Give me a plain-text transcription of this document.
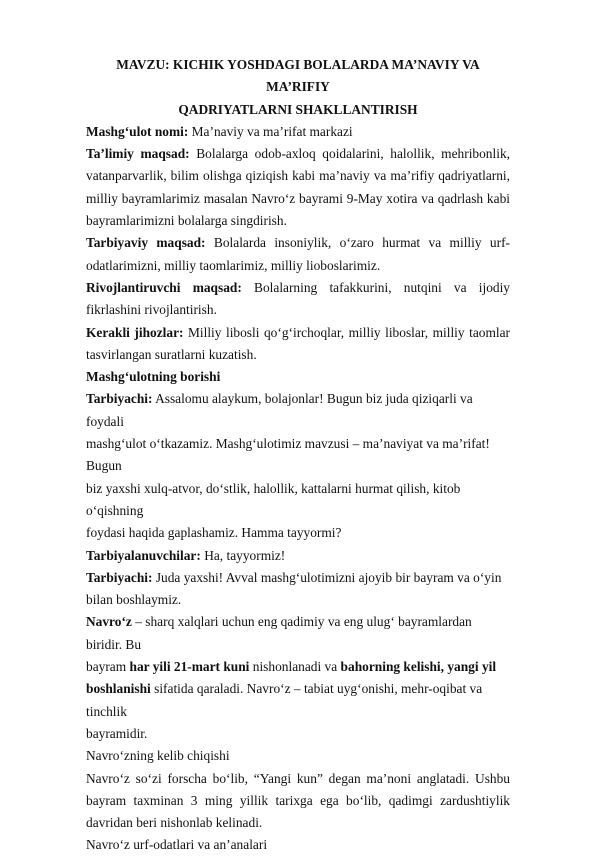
MAVZU: KICHIK YOSHDAGI BOLALARDA MA’NAVIY VA MA’RIFIY
QADRIYATLARNI SHAKLLANTIRISH

Mashg‘ulot nomi: Ma’naviy va ma’rifat markazi

Ta’limiy maqsad: Bolalarga odob-axloq qoidalarini, halollik, mehribonlik, vatanparvarlik, bilim olishga qiziqish kabi ma’naviy va ma’rifiy qadriyatlarni, milliy bayramlarimiz masalan Navro‘z bayrami 9-May xotira va qadrlash kabi bayramlarimizni bolalarga singdirish.

Tarbiyaviy maqsad: Bolalarda insoniylik, o‘zaro hurmat va milliy urf-odatlarimizni, milliy taomlarimiz, milliy lioboslarimiz.

Rivojlantiruvchi maqsad: Bolalarning tafakkurini, nutqini va ijodiy fikrlashini rivojlantirish.

Kerakli jihozlar: Milliy libosli qo‘g‘irchoqlar, milliy liboslar, milliy taomlar tasvirlangan suratlarni kuzatish.

Mashg‘ulotning borishi

Tarbiyachi: Assalomu alaykum, bolajonlar! Bugun biz juda qiziqarli va foydali
mashg‘ulot o‘tkazamiz. Mashg‘ulotimiz mavzusi – ma’naviyat va ma’rifat! Bugun
biz yaxshi xulq-atvor, do‘stlik, halollik, kattalarni hurmat qilish, kitob o‘qishning
foydasi haqida gaplashamiz. Hamma tayyormi?

Tarbiyalanuvchilar: Ha, tayyormiz!

Tarbiyachi: Juda yaxshi! Avval mashg‘ulotimizni ajoyib bir bayram va o‘yin
bilan boshlaymiz.

Navro‘z – sharq xalqlari uchun eng qadimiy va eng ulug‘ bayramlardan biridir. Bu
bayram har yili 21-mart kuni nishonlanadi va bahorning kelishi, yangi yil
boshlanishi sifatida qaraladi. Navro‘z – tabiat uyg‘onishi, mehr-oqibat va tinchlik
bayramidir.

Navro‘zning kelib chiqishi

Navro‘z so‘zi forscha bo‘lib, “Yangi kun” degan ma’noni anglatadi. Ushbu bayram taxminan 3 ming yillik tarixga ega bo‘lib, qadimgi zardushtiylik davridan beri nishonlab kelinadi.

Navro‘z urf-odatlari va an’analari
